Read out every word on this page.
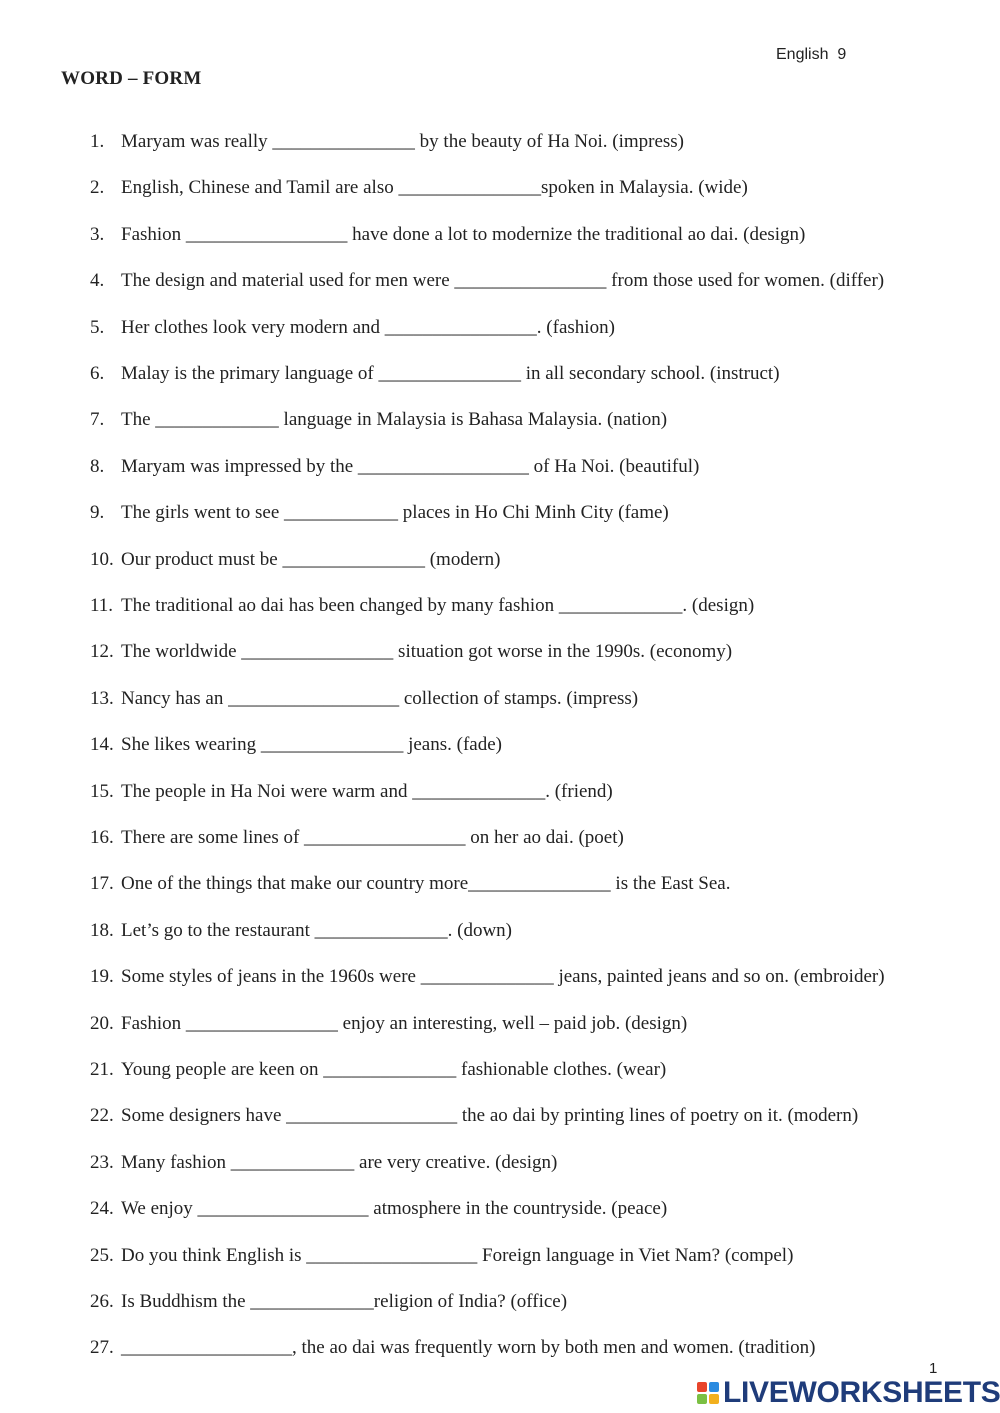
English  9
WORD – FORM
1. Maryam was really _______________ by the beauty of Ha Noi. (impress)
2. English, Chinese and Tamil are also _______________spoken in Malaysia. (wide)
3. Fashion _________________ have done a lot to modernize the traditional ao dai. (design)
4. The design and material used for men were ________________ from those used for women. (differ)
5. Her clothes look very modern and ________________. (fashion)
6. Malay is the primary language of _______________ in all secondary school. (instruct)
7. The _____________ language in Malaysia is Bahasa Malaysia. (nation)
8. Maryam was impressed by the __________________ of Ha Noi. (beautiful)
9. The girls went to see ____________ places in Ho Chi Minh City (fame)
10. Our product must be _______________ (modern)
11. The traditional ao dai has been changed by many fashion _____________. (design)
12. The worldwide ________________ situation got worse in the 1990s. (economy)
13. Nancy has an __________________ collection of stamps. (impress)
14. She likes wearing _______________ jeans. (fade)
15. The people in Ha Noi were warm and ______________. (friend)
16. There are some lines of _________________ on her ao dai. (poet)
17. One of the things that make our country more_______________ is the East Sea.
18. Let’s go to the restaurant ______________. (down)
19. Some styles of jeans in the 1960s were ______________ jeans, painted jeans and so on. (embroider)
20. Fashion ________________ enjoy an interesting, well – paid job. (design)
21. Young people are keen on ______________ fashionable clothes. (wear)
22. Some designers have __________________ the ao dai by printing lines of poetry on it. (modern)
23. Many fashion _____________ are very creative. (design)
24. We enjoy __________________ atmosphere in the countryside. (peace)
25. Do you think English is __________________ Foreign language in Viet Nam? (compel)
26. Is Buddhism the _____________religion of India? (office)
27. __________________, the ao dai was frequently worn by both men and women. (tradition)
1
LIVEWORKSHEETS
